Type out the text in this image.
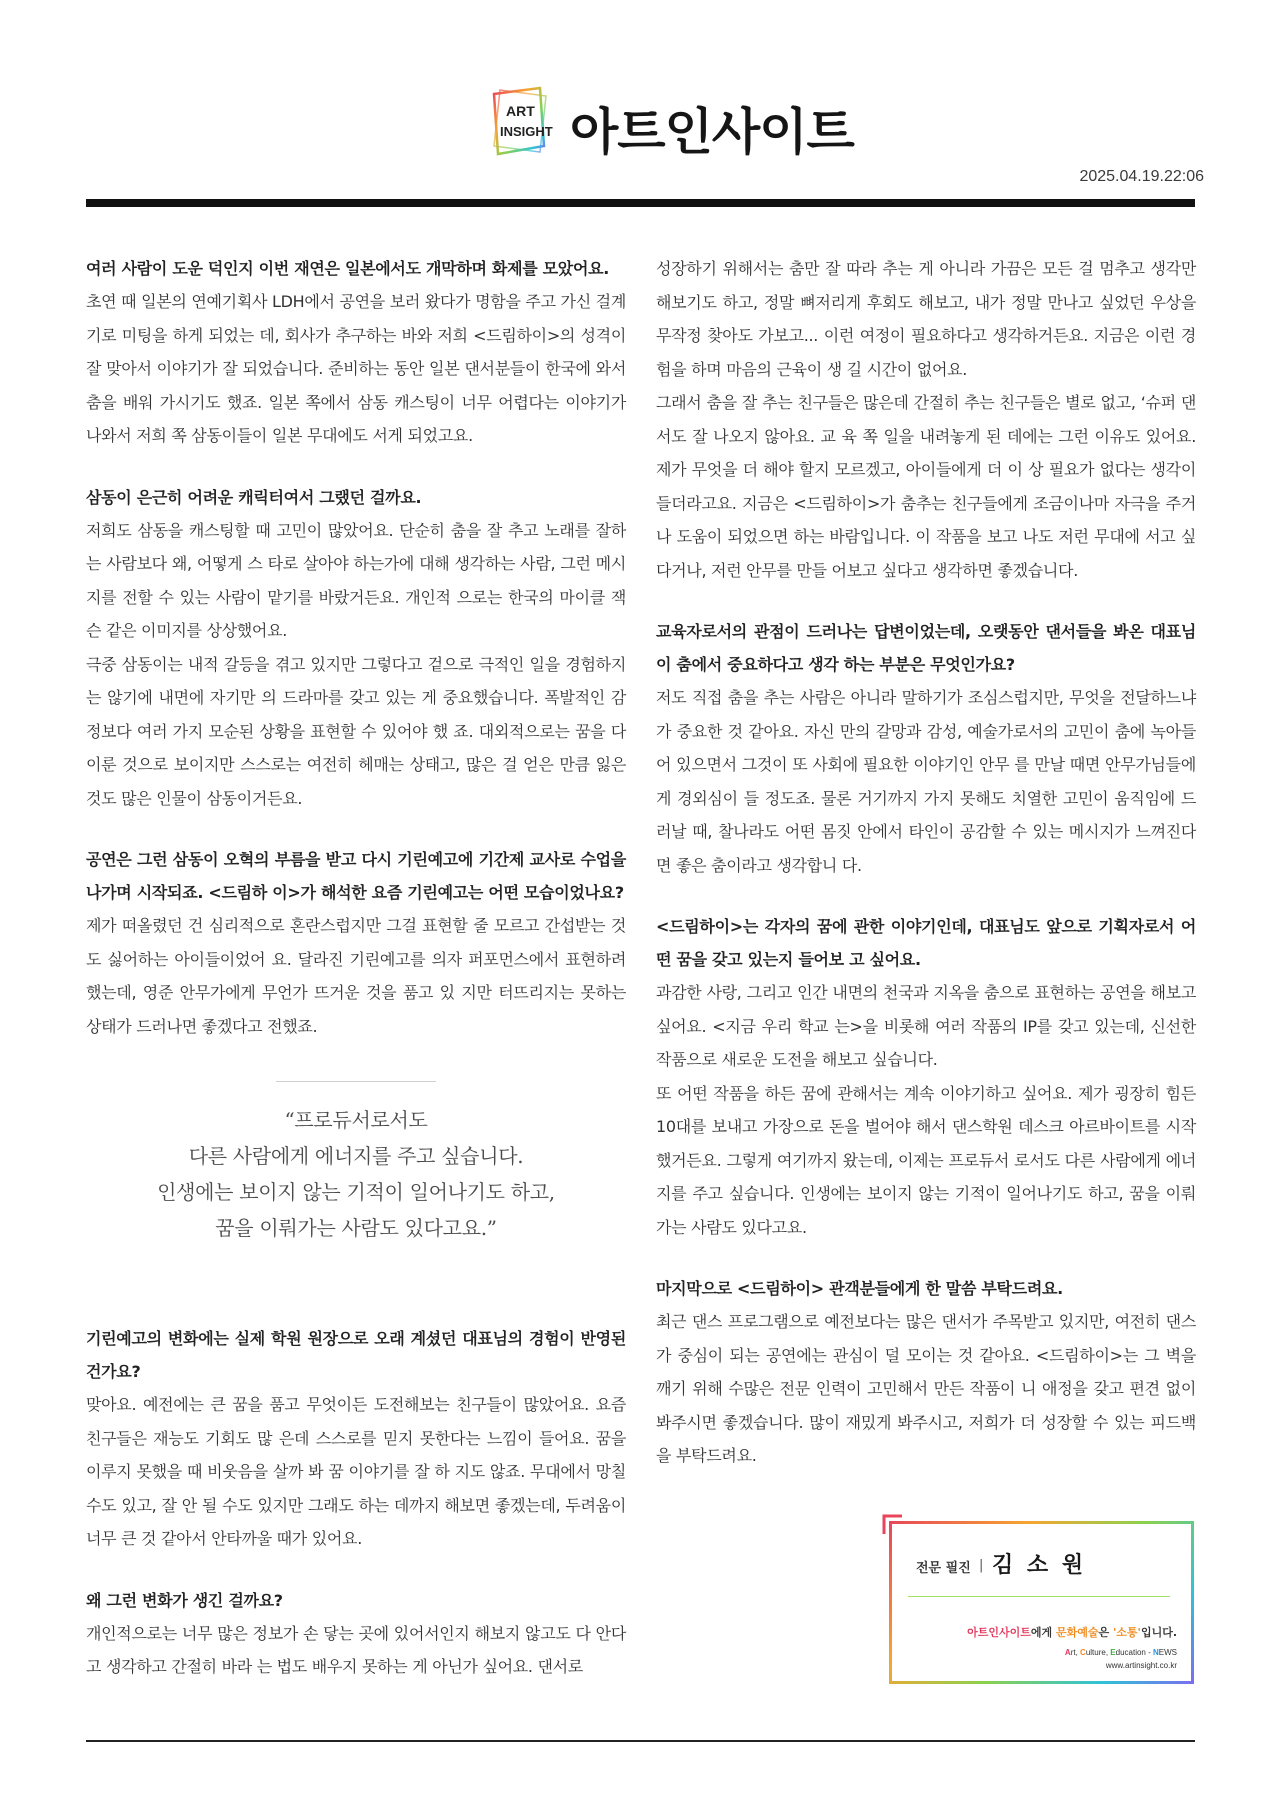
ART
INSIGHT 아트인사이트
2025.04.19.22:06

여러 사람이 도운 덕인지 이번 재연은 일본에서도 개막하며 화제를 모았어요.

초연 때 일본의 연예기획사 LDH에서 공연을 보러 왔다가 명함을 주고 가신 걸계기로 미팅을 하게 되었는 데, 회사가 추구하는 바와 저희 <드림하이>의 성격이 잘 맞아서 이야기가 잘 되었습니다. 준비하는 동안 일본 댄서분들이 한국에 와서 춤을 배워 가시기도 했죠. 일본 쪽에서 삼동 캐스팅이 너무 어렵다는 이야기가 나와서 저희 쪽 삼동이들이 일본 무대에도 서게 되었고요.

삼동이 은근히 어려운 캐릭터여서 그랬던 걸까요.

저희도 삼동을 캐스팅할 때 고민이 많았어요. 단순히 춤을 잘 추고 노래를 잘하는 사람보다 왜, 어떻게 스 타로 살아야 하는가에 대해 생각하는 사람, 그런 메시지를 전할 수 있는 사람이 맡기를 바랐거든요. 개인적 으로는 한국의 마이클 잭슨 같은 이미지를 상상했어요.

극중 삼동이는 내적 갈등을 겪고 있지만 그렇다고 겉으로 극적인 일을 경험하지는 않기에 내면에 자기만 의 드라마를 갖고 있는 게 중요했습니다. 폭발적인 감정보다 여러 가지 모순된 상황을 표현할 수 있어야 했 죠. 대외적으로는 꿈을 다 이룬 것으로 보이지만 스스로는 여전히 헤매는 상태고, 많은 걸 얻은 만큼 잃은 것도 많은 인물이 삼동이거든요.

공연은 그런 삼동이 오혁의 부름을 받고 다시 기린예고에 기간제 교사로 수업을 나가며 시작되죠. <드림하 이>가 해석한 요즘 기린예고는 어떤 모습이었나요?

제가 떠올렸던 건 심리적으로 혼란스럽지만 그걸 표현할 줄 모르고 간섭받는 것도 싫어하는 아이들이었어 요. 달라진 기린예고를 의자 퍼포먼스에서 표현하려 했는데, 영준 안무가에게 무언가 뜨거운 것을 품고 있 지만 터뜨리지는 못하는 상태가 드러나면 좋겠다고 전했죠.

“프로듀서로서도

다른 사람에게 에너지를 주고 싶습니다.

인생에는 보이지 않는 기적이 일어나기도 하고,

꿈을 이뤄가는 사람도 있다고요.”

기린예고의 변화에는 실제 학원 원장으로 오래 계셨던 대표님의 경험이 반영된 건가요?

맞아요. 예전에는 큰 꿈을 품고 무엇이든 도전해보는 친구들이 많았어요. 요즘 친구들은 재능도 기회도 많 은데 스스로를 믿지 못한다는 느낌이 들어요. 꿈을 이루지 못했을 때 비웃음을 살까 봐 꿈 이야기를 잘 하 지도 않죠. 무대에서 망칠 수도 있고, 잘 안 될 수도 있지만 그래도 하는 데까지 해보면 좋겠는데, 두려움이 너무 큰 것 같아서 안타까울 때가 있어요.

왜 그런 변화가 생긴 걸까요?

개인적으로는 너무 많은 정보가 손 닿는 곳에 있어서인지 해보지 않고도 다 안다고 생각하고 간절히 바라 는 법도 배우지 못하는 게 아닌가 싶어요. 댄서로

성장하기 위해서는 춤만 잘 따라 추는 게 아니라 가끔은 모든 걸 멈추고 생각만 해보기도 하고, 정말 뼈저리게 후회도 해보고, 내가 정말 만나고 싶었던 우상을 무작정 찾아도 가보고... 이런 여정이 필요하다고 생각하거든요. 지금은 이런 경험을 하며 마음의 근육이 생 길 시간이 없어요.

그래서 춤을 잘 추는 친구들은 많은데 간절히 추는 친구들은 별로 없고, ‘슈퍼 댄서도 잘 나오지 않아요. 교 육 쪽 일을 내려놓게 된 데에는 그런 이유도 있어요. 제가 무엇을 더 해야 할지 모르겠고, 아이들에게 더 이 상 필요가 없다는 생각이 들더라고요. 지금은 <드림하이>가 춤추는 친구들에게 조금이나마 자극을 주거나 도움이 되었으면 하는 바람입니다. 이 작품을 보고 나도 저런 무대에 서고 싶다거나, 저런 안무를 만들 어보고 싶다고 생각하면 좋겠습니다.

교육자로서의 관점이 드러나는 답변이었는데, 오랫동안 댄서들을 봐온 대표님이 춤에서 중요하다고 생각 하는 부분은 무엇인가요?

저도 직접 춤을 추는 사람은 아니라 말하기가 조심스럽지만, 무엇을 전달하느냐가 중요한 것 같아요. 자신 만의 갈망과 감성, 예술가로서의 고민이 춤에 녹아들어 있으면서 그것이 또 사회에 필요한 이야기인 안무 를 만날 때면 안무가님들에게 경외심이 들 정도죠. 물론 거기까지 가지 못해도 치열한 고민이 움직임에 드러날 때, 찰나라도 어떤 몸짓 안에서 타인이 공감할 수 있는 메시지가 느껴진다면 좋은 춤이라고 생각합니 다.

<드림하이>는 각자의 꿈에 관한 이야기인데, 대표님도 앞으로 기획자로서 어떤 꿈을 갖고 있는지 들어보 고 싶어요.

과감한 사랑, 그리고 인간 내면의 천국과 지옥을 춤으로 표현하는 공연을 해보고 싶어요. <지금 우리 학교 는>을 비롯해 여러 작품의 IP를 갖고 있는데, 신선한 작품으로 새로운 도전을 해보고 싶습니다.

또 어떤 작품을 하든 꿈에 관해서는 계속 이야기하고 싶어요. 제가 굉장히 힘든 10대를 보내고 가장으로 돈을 벌어야 해서 댄스학원 데스크 아르바이트를 시작했거든요. 그렇게 여기까지 왔는데, 이제는 프로듀서 로서도 다른 사람에게 에너지를 주고 싶습니다. 인생에는 보이지 않는 기적이 일어나기도 하고, 꿈을 이뤄가는 사람도 있다고요.

마지막으로 <드림하이> 관객분들에게 한 말씀 부탁드려요.

최근 댄스 프로그램으로 예전보다는 많은 댄서가 주목받고 있지만, 여전히 댄스가 중심이 되는 공연에는 관심이 덜 모이는 것 같아요. <드림하이>는 그 벽을 깨기 위해 수많은 전문 인력이 고민해서 만든 작품이 니 애정을 갖고 편견 없이 봐주시면 좋겠습니다. 많이 재밌게 봐주시고, 저희가 더 성장할 수 있는 피드백 을 부탁드려요.

전문 필진 | 김 소 원
아트인사이트에게 문화예술은 '소통'입니다.
Art, Culture, Education - NEWS
www.artinsight.co.kr
